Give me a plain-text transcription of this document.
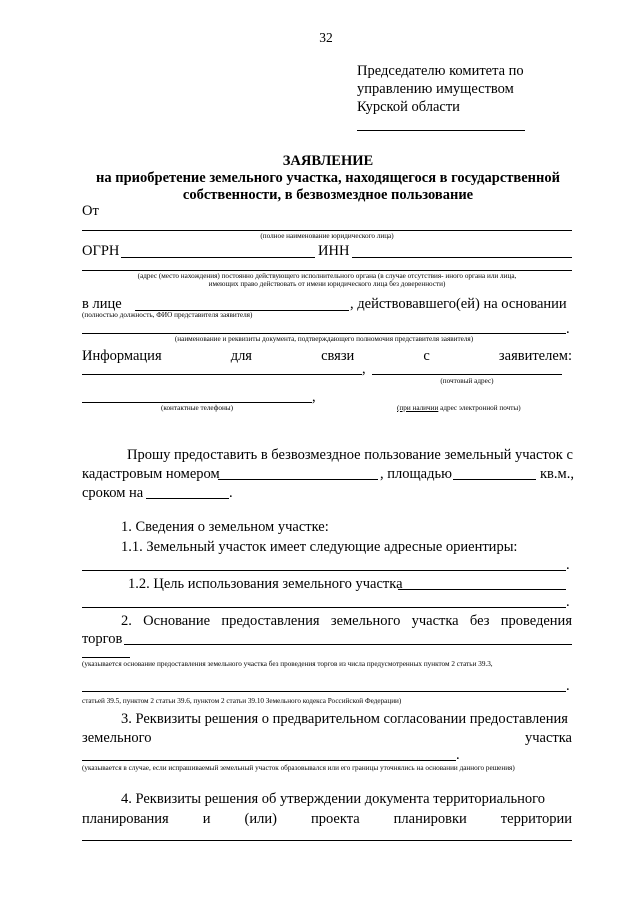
32
Председателю комитета по
управлению имуществом
Курской области
ЗАЯВЛЕНИЕ
на приобретение земельного участка, находящегося в государственной
собственности, в безвозмездное пользование
От
(полное наименование юридического лица)
ОГРН	ИНН
(адрес (место нахождения) постоянно действующего исполнительного органа (в случае отсутствия- иного органа или лица,
имеющих право действовать от имени юридического лица без доверенности)
в лице	, действовавшего(ей) на основании
(полностью должность, ФИО представителя заявителя)
.
(наименование и реквизиты документа, подтверждающего полномочия представителя заявителя)
Информация	для	связи	с	заявителем:
,
(почтовый адрес)
,
(контактные телефоны)	(при наличии адрес электронной почты)
Прошу предоставить в безвозмездное пользование земельный участок с
кадастровым номером	, площадью	кв.м.,
сроком на	.
1. Сведения о земельном участке:
1.1. Земельный участок имеет следующие адресные ориентиры:
.
1.2. Цель использования земельного участка
.
2. Основание предоставления земельного участка без проведения
торгов
(указывается основание предоставления земельного участка без проведения торгов из числа предусмотренных пунктом 2 статьи 39.3,
.
статьей 39.5, пунктом 2 статьи 39.6, пунктом 2 статьи 39.10 Земельного кодекса Российской Федерации)
3. Реквизиты решения о предварительном согласовании предоставления
земельного	участка
.
(указывается в случае, если испрашиваемый земельный участок образовывался или его границы уточнялись на основании данного решения)
4. Реквизиты решения об утверждении документа территориального
планирования и (или) проекта планировки территории
